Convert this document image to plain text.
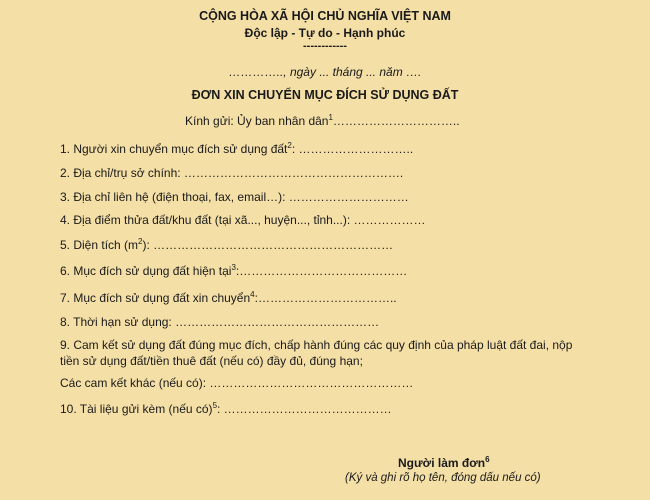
CỘNG HÒA XÃ HỘI CHỦ NGHĨA VIỆT NAM
Độc lập - Tự do - Hạnh phúc
------------
………….., ngày ... tháng ... năm ….
ĐƠN XIN CHUYỂN MỤC ĐÍCH SỬ DỤNG ĐẤT
Kính gửi: Ủy ban nhân dân$^1$…………………………..
1. Người xin chuyển mục đích sử dụng đất$^2$: ………………………..
2. Địa chỉ/trụ sở chính: ……………………………………………….
3. Địa chỉ liên hệ (điện thoại, fax, email…): …………………………
4. Địa điểm thửa đất/khu đất (tại xã..., huyện..., tỉnh...): ………………
5. Diện tích $(m^2)$: ……………………………………………………
6. Mục đích sử dụng đất hiện tại$^3$:……………………………………
7. Mục đích sử dụng đất xin chuyển$^4$:……………………………..
8. Thời hạn sử dụng: ……………………………………………
9. Cam kết sử dụng đất đúng mục đích, chấp hành đúng các quy định của pháp luật đất đai, nộp tiền sử dụng đất/tiền thuê đất (nếu có) đầy đủ, đúng hạn;
Các cam kết khác (nếu có): ……………………………………………
10. Tài liệu gửi kèm (nếu có)$^5$: ……………………………………
Người làm đơn$^6$
(Ký và ghi rõ họ tên, đóng dấu nếu có)
